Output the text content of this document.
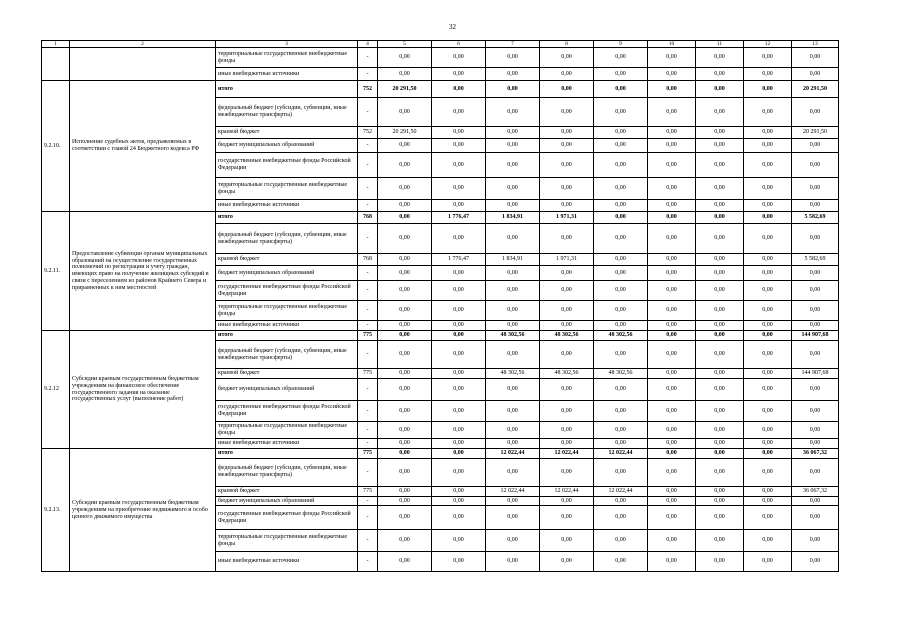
32
1	2	3	4	5	6	7	8	9	10	11	12	13
		территориальные государственные внебюджетные фонды	-	0,00	0,00	0,00	0,00	0,00	0,00	0,00	0,00	0,00
		иные внебюджетные источники	-	0,00	0,00	0,00	0,00	0,00	0,00	0,00	0,00	0,00
9.2.10.	Исполнение судебных актов, предъявляемых в соответствии с главой 24 Бюджетного кодекса РФ	итого	752	20 291,50	0,00	0,00	0,00	0,00	0,00	0,00	0,00	20 291,50
		федеральный бюджет (субсидии, субвенции, иные межбюджетные трансферты)	-	0,00	0,00	0,00	0,00	0,00	0,00	0,00	0,00	0,00
		краевой бюджет	752	20 291,50	0,00	0,00	0,00	0,00	0,00	0,00	0,00	20 291,50
		бюджет муниципальных образований	-	0,00	0,00	0,00	0,00	0,00	0,00	0,00	0,00	0,00
		государственные внебюджетные фонды Российской Федерации	-	0,00	0,00	0,00	0,00	0,00	0,00	0,00	0,00	0,00
		территориальные государственные внебюджетные фонды	-	0,00	0,00	0,00	0,00	0,00	0,00	0,00	0,00	0,00
		иные внебюджетные источники	-	0,00	0,00	0,00	0,00	0,00	0,00	0,00	0,00	0,00
9.2.11.	Предоставление субвенции органам муниципальных образований на осуществление государственных полномочий по регистрации и учету граждан, имеющих право на получение жилищных субсидий в связи с переселением из районов Крайнего Севера и приравненных к ним местностей	итого	768	0,00	1 776,47	1 834,91	1 971,31	0,00	0,00	0,00	0,00	5 582,69
		федеральный бюджет (субсидии, субвенции, иные межбюджетные трансферты)	-	0,00	0,00	0,00	0,00	0,00	0,00	0,00	0,00	0,00
		краевой бюджет	768	0,00	1 776,47	1 834,91	1 971,31	0,00	0,00	0,00	0,00	5 582,69
		бюджет муниципальных образований	-	0,00	0,00	0,00	0,00	0,00	0,00	0,00	0,00	0,00
		государственные внебюджетные фонды Российской Федерации	-	0,00	0,00	0,00	0,00	0,00	0,00	0,00	0,00	0,00
		территориальные государственные внебюджетные фонды	-	0,00	0,00	0,00	0,00	0,00	0,00	0,00	0,00	0,00
		иные внебюджетные источники	-	0,00	0,00	0,00	0,00	0,00	0,00	0,00	0,00	0,00
9.2.12	Субсидии краевым государственным бюджетным учреждениям на финансовое обеспечение государственного задания на оказание государственных услуг (выполнение работ)	итого	775	0,00	0,00	48 302,56	48 302,56	48 302,56	0,00	0,00	0,00	144 907,68
		федеральный бюджет (субсидии, субвенции, иные межбюджетные трансферты)	-	0,00	0,00	0,00	0,00	0,00	0,00	0,00	0,00	0,00
		краевой бюджет	775	0,00	0,00	48 302,56	48 302,56	48 302,56	0,00	0,00	0,00	144 907,68
		бюджет муниципальных образований	-	0,00	0,00	0,00	0,00	0,00	0,00	0,00	0,00	0,00
		государственные внебюджетные фонды Российской Федерации	-	0,00	0,00	0,00	0,00	0,00	0,00	0,00	0,00	0,00
		территориальные государственные внебюджетные фонды	-	0,00	0,00	0,00	0,00	0,00	0,00	0,00	0,00	0,00
		иные внебюджетные источники	-	0,00	0,00	0,00	0,00	0,00	0,00	0,00	0,00	0,00
9.2.13.	Субсидии краевым государственным бюджетным учреждениям на приобретение недвижимого и особо ценного движимого имущества	итого	775	0,00	0,00	12 022,44	12 022,44	12 022,44	0,00	0,00	0,00	36 067,32
		федеральный бюджет (субсидии, субвенции, иные межбюджетные трансферты)	-	0,00	0,00	0,00	0,00	0,00	0,00	0,00	0,00	0,00
		краевой бюджет	775	0,00	0,00	12 022,44	12 022,44	12 022,44	0,00	0,00	0,00	36 067,32
		бюджет муниципальных образований	-	0,00	0,00	0,00	0,00	0,00	0,00	0,00	0,00	0,00
		государственные внебюджетные фонды Российской Федерации	-	0,00	0,00	0,00	0,00	0,00	0,00	0,00	0,00	0,00
		территориальные государственные внебюджетные фонды	-	0,00	0,00	0,00	0,00	0,00	0,00	0,00	0,00	0,00
		иные внебюджетные источники	-	0,00	0,00	0,00	0,00	0,00	0,00	0,00	0,00	0,00
